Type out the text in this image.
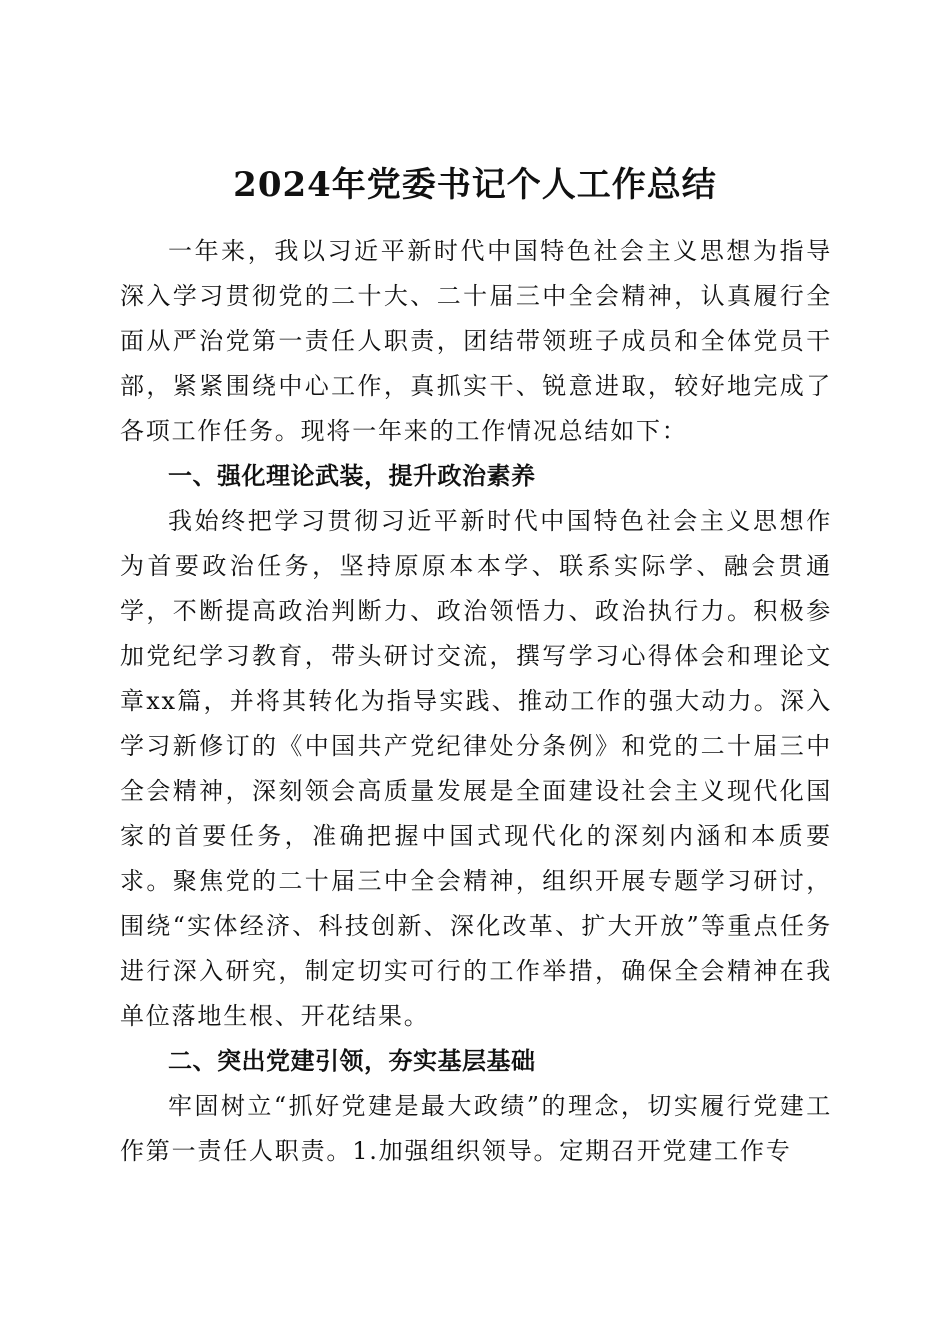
2024年党委书记个人工作总结

一年来，我以习近平新时代中国特色社会主义思想为指导深入学习贯彻党的二十大、二十届三中全会精神，认真履行全面从严治党第一责任人职责，团结带领班子成员和全体党员干部，紧紧围绕中心工作，真抓实干、锐意进取，较好地完成了各项工作任务。现将一年来的工作情况总结如下：

一、强化理论武装，提升政治素养

我始终把学习贯彻习近平新时代中国特色社会主义思想作为首要政治任务，坚持原原本本学、联系实际学、融会贯通学，不断提高政治判断力、政治领悟力、政治执行力。积极参加党纪学习教育，带头研讨交流，撰写学习心得体会和理论文章xx篇，并将其转化为指导实践、推动工作的强大动力。深入学习新修订的《中国共产党纪律处分条例》和党的二十届三中全会精神，深刻领会高质量发展是全面建设社会主义现代化国家的首要任务，准确把握中国式现代化的深刻内涵和本质要求。聚焦党的二十届三中全会精神，组织开展专题学习研讨，围绕“实体经济、科技创新、深化改革、扩大开放”等重点任务进行深入研究，制定切实可行的工作举措，确保全会精神在我单位落地生根、开花结果。

二、突出党建引领，夯实基层基础

牢固树立“抓好党建是最大政绩”的理念，切实履行党建工作第一责任人职责。1.加强组织领导。定期召开党建工作专
